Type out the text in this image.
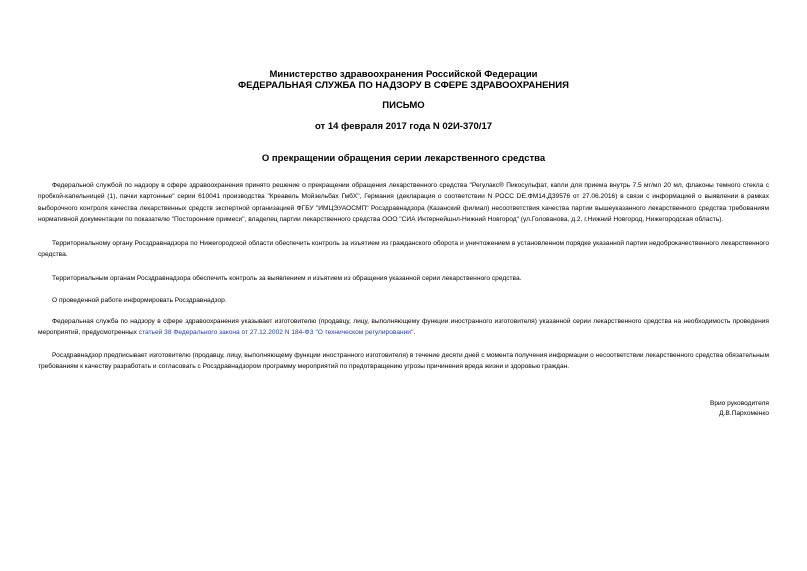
Министерство здравоохранения Российской Федерации
ФЕДЕРАЛЬНАЯ СЛУЖБА ПО НАДЗОРУ В СФЕРЕ ЗДРАВООХРАНЕНИЯ
ПИСЬМО
от 14 февраля 2017 года N 02И-370/17
О прекращении обращения серии лекарственного средства

Федеральной службой по надзору в сфере здравоохранения принято решение о прекращении обращения лекарственного средства "Регулакс® Пикосульфат, капли для приема внутрь 7.5 мг/мл 20 мл, флаконы темного стекла с пробкой-капельницей (1), пачки картонные" серии 610041 производства "Креавель Мойзельбах ГмбХ", Германия (декларация о соответствии N РОСС DE.ФМ14.Д39576 от 27.06.2016) в связи с информацией о выявлении в рамках выборочного контроля качества лекарственных средств экспертной организацией ФГБУ "ИМЦЭУАОСМП" Росздравнадзора (Казанский филиал) несоответствия качества партии вышеуказанного лекарственного средства требованиям нормативной документации по показателю "Посторонние примеси", владелец партии лекарственного средства ООО "СИА Интернейшнл-Нижний Новгород" (ул.Голованова, д.2, г.Нижний Новгород, Нижегородская область).

Территориальному органу Росздравнадзора по Нижегородской области обеспечить контроль за изъятием из гражданского оборота и уничтожением в установленном порядке указанной партии недоброкачественного лекарственного средства.

Территориальным органам Росздравнадзора обеспечить контроль за выявлением и изъятием из обращения указанной серии лекарственного средства.

О проведенной работе информировать Росздравнадзор.

Федеральная служба по надзору в сфере здравоохранения указывает изготовителю (продавцу, лицу, выполняющему функции иностранного изготовителя) указанной серии лекарственного средства на необходимость проведения мероприятий, предусмотренных статьей 38 Федерального закона от 27.12.2002 N 184-ФЗ "О техническом регулировании".

Росздравнадзор предписывает изготовителю (продавцу, лицу, выполняющему функции иностранного изготовителя) в течение десяти дней с момента получения информации о несоответствии лекарственного средства обязательным требованиям к качеству разработать и согласовать с Росздравнадзором программу мероприятий по предотвращению угрозы причинения вреда жизни и здоровью граждан.

Врио руководителя
Д.В.Пархоменко
